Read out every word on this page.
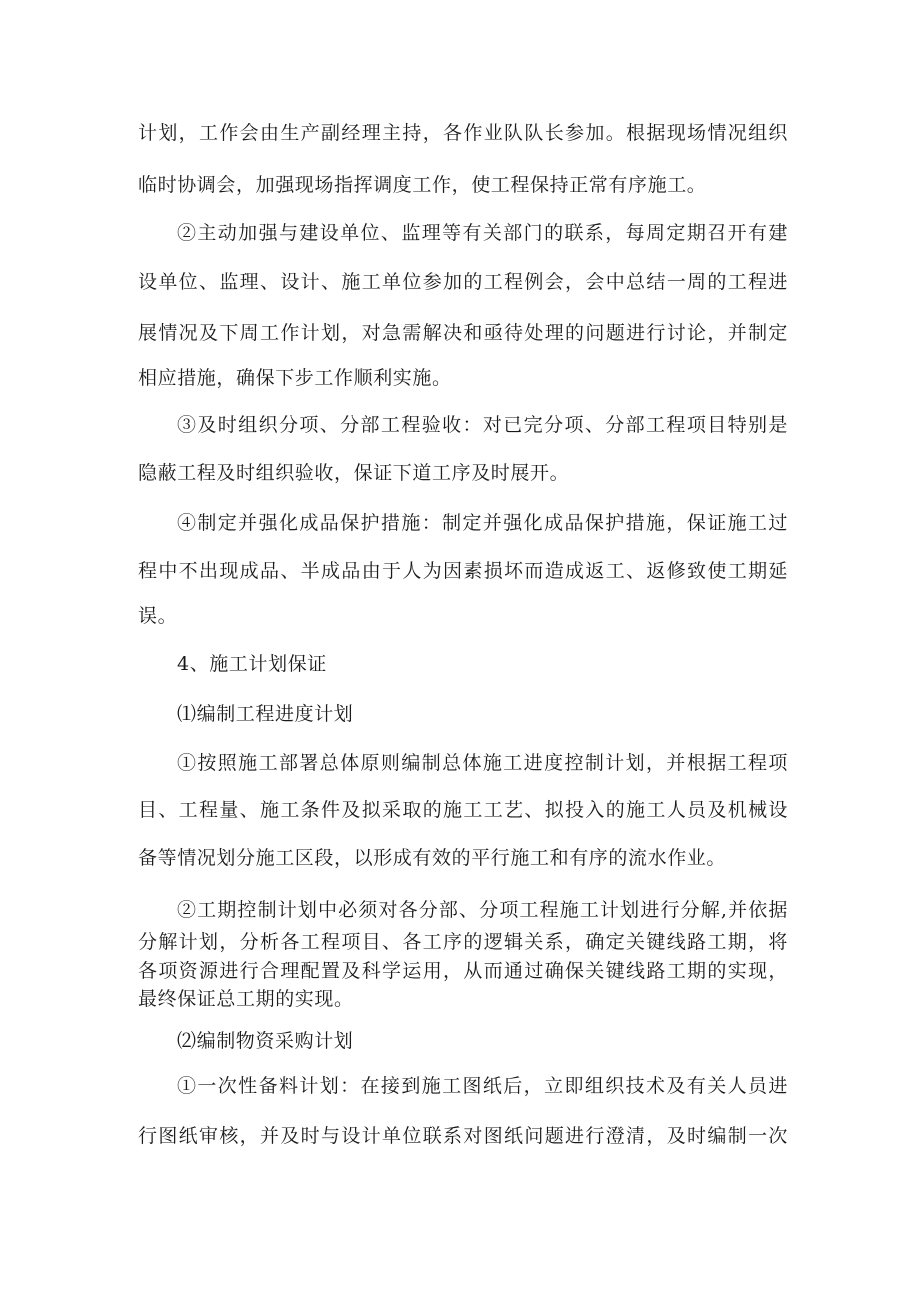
计划，工作会由生产副经理主持，各作业队队长参加。根据现场情况组织
临时协调会，加强现场指挥调度工作，使工程保持正常有序施工。
②主动加强与建设单位、监理等有关部门的联系，每周定期召开有建
设单位、监理、设计、施工单位参加的工程例会，会中总结一周的工程进
展情况及下周工作计划，对急需解决和亟待处理的问题进行讨论，并制定
相应措施，确保下步工作顺利实施。
③及时组织分项、分部工程验收：对已完分项、分部工程项目特别是
隐蔽工程及时组织验收，保证下道工序及时展开。
④制定并强化成品保护措施：制定并强化成品保护措施，保证施工过
程中不出现成品、半成品由于人为因素损坏而造成返工、返修致使工期延
误。
4、施工计划保证
⑴编制工程进度计划
①按照施工部署总体原则编制总体施工进度控制计划，并根据工程项
目、工程量、施工条件及拟采取的施工工艺、拟投入的施工人员及机械设
备等情况划分施工区段，以形成有效的平行施工和有序的流水作业。
②工期控制计划中必须对各分部、分项工程施工计划进行分解,并依据
分解计划，分析各工程项目、各工序的逻辑关系，确定关键线路工期，将
各项资源进行合理配置及科学运用，从而通过确保关键线路工期的实现，
最终保证总工期的实现。
⑵编制物资采购计划
①一次性备料计划：在接到施工图纸后，立即组织技术及有关人员进
行图纸审核，并及时与设计单位联系对图纸问题进行澄清，及时编制一次
